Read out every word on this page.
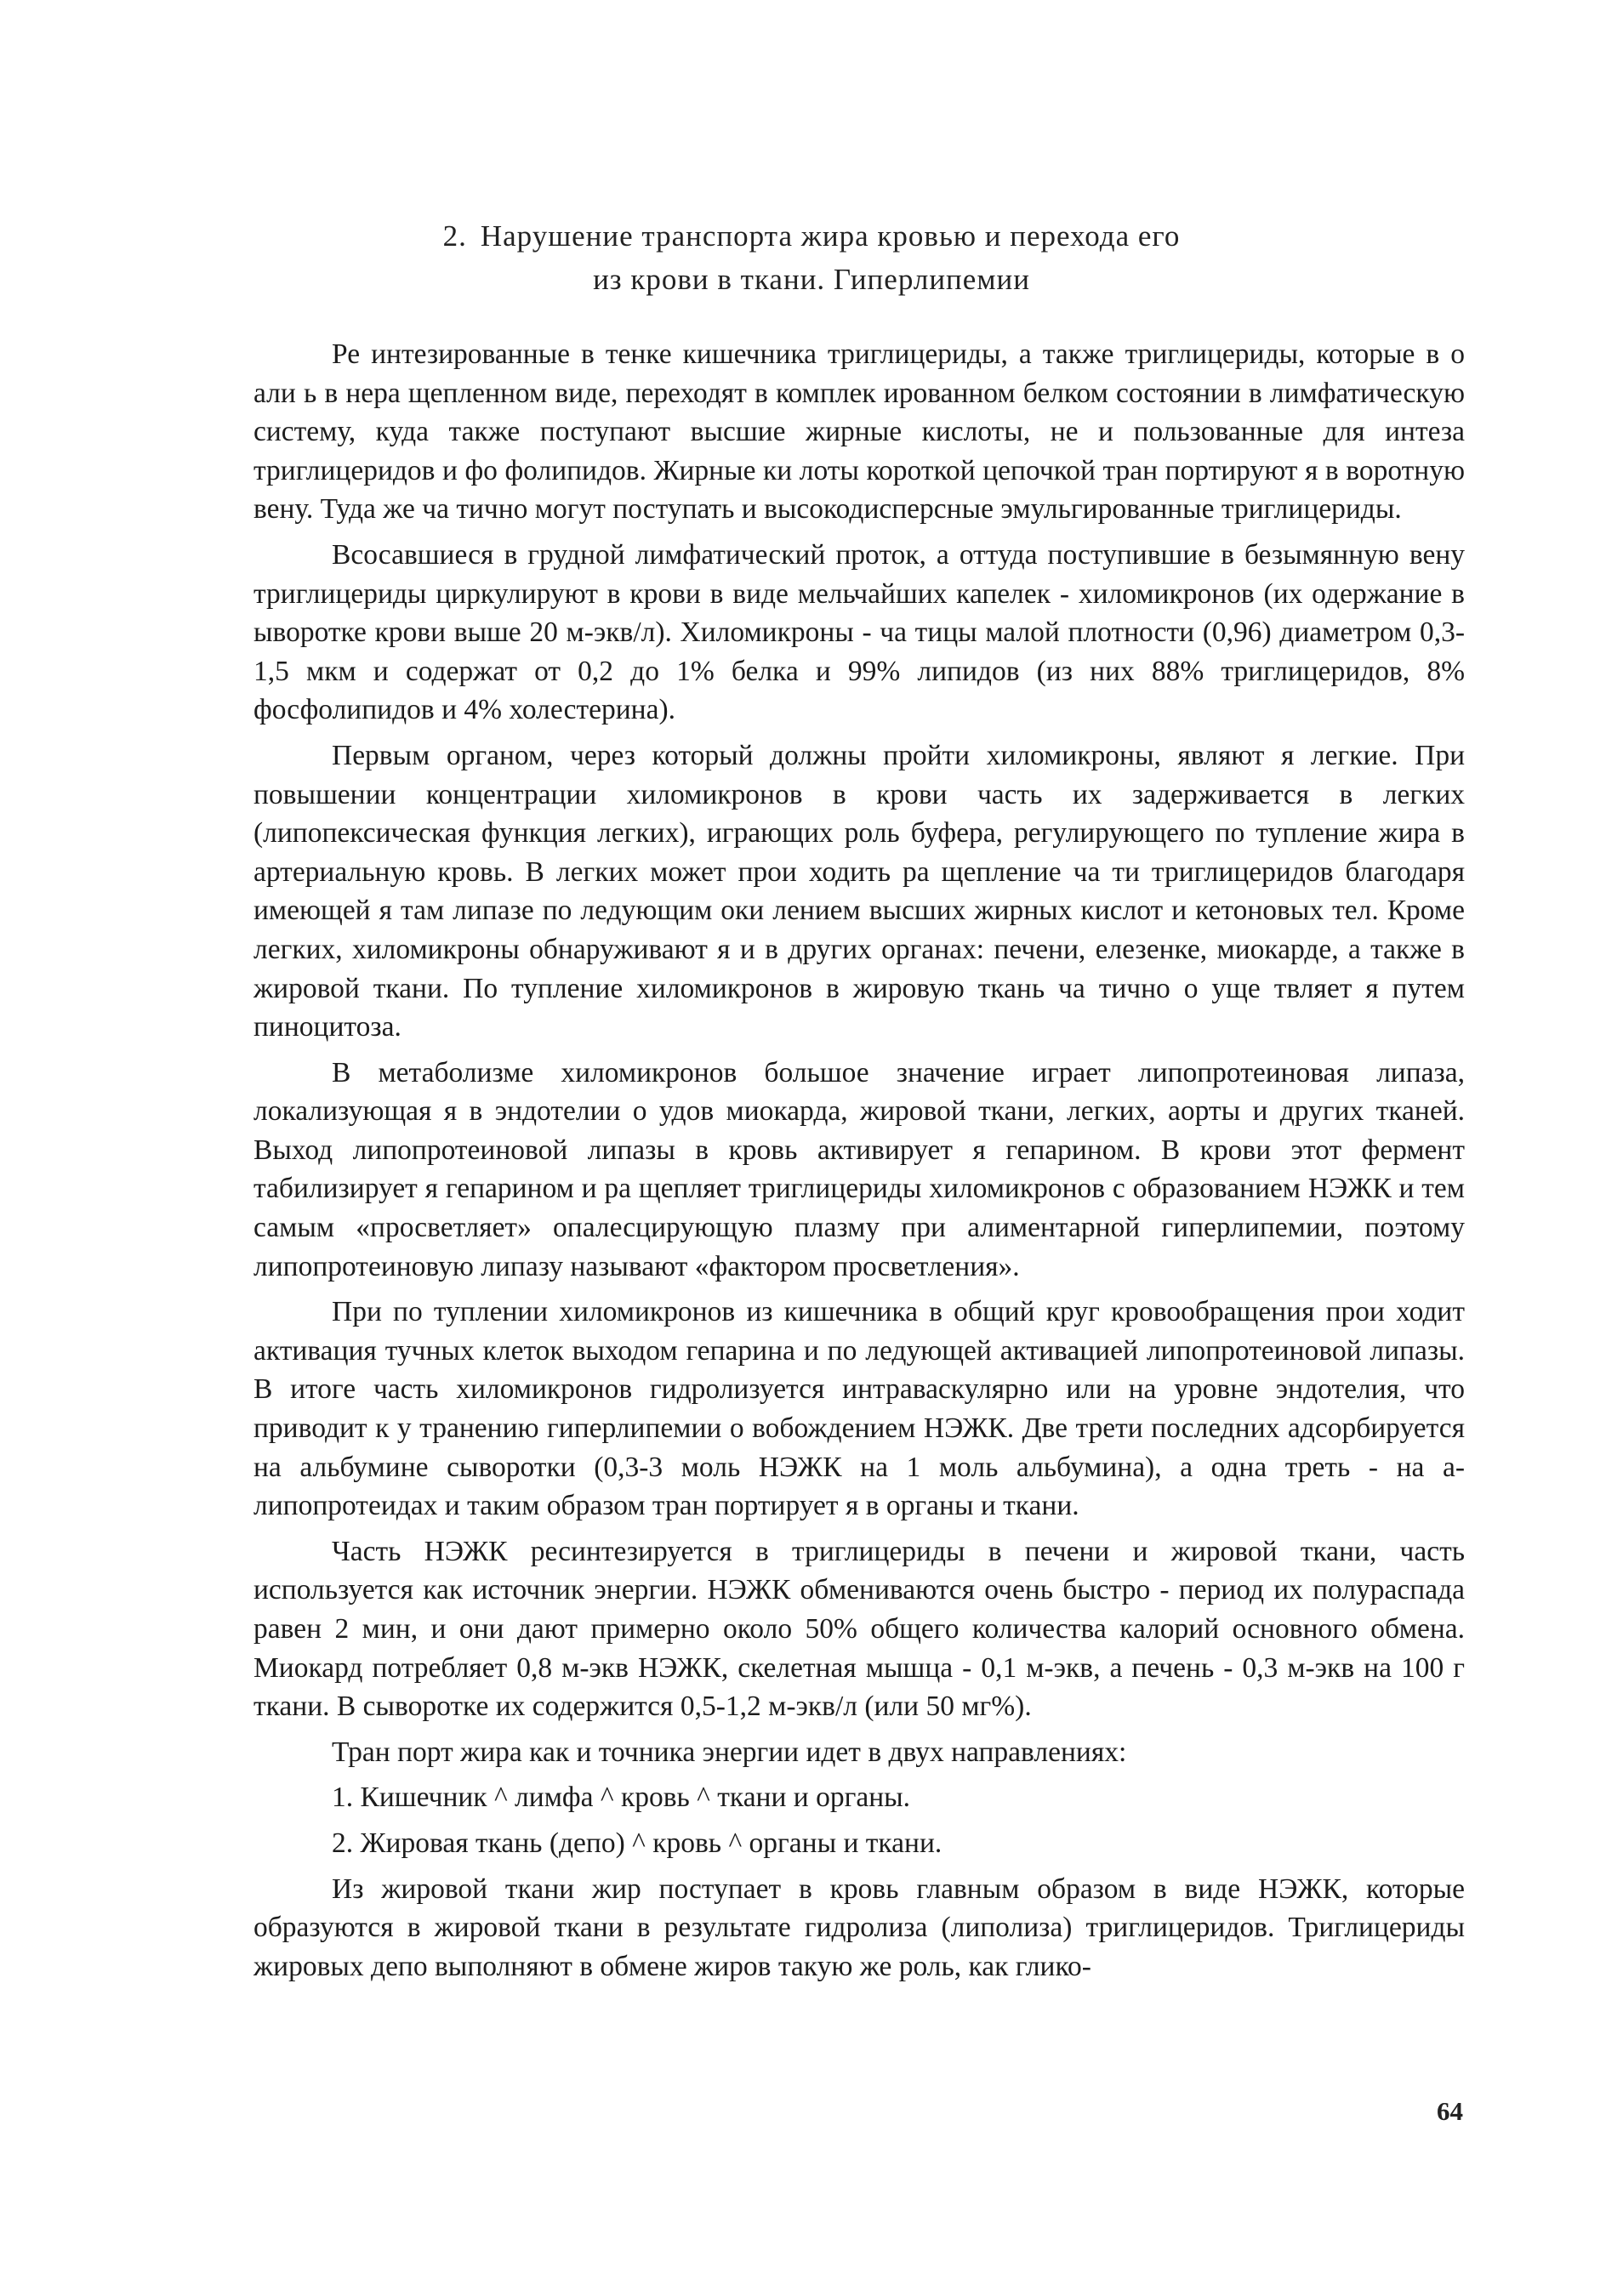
2. Нарушение транспорта жира кровью и перехода его
из крови в ткани. Гиперлипемии

Ре интезированные в тенке кишечника триглицериды, а также триглицериды, которые в о али ь в нера щепленном виде, переходят в комплек ированном белком состоянии в лимфатическую систему, куда также поступают высшие жирные кислоты, не и пользованные для интеза триглицеридов и фо фолипидов. Жирные ки лоты короткой цепочкой тран портируют я в воротную вену. Туда же ча тично могут поступать и высокодисперсные эмульгированные триглицериды.

Всосавшиеся в грудной лимфатический проток, а оттуда поступившие в безымянную вену триглицериды циркулируют в крови в виде мельчайших капелек - хиломикронов (их одержание в ыворотке крови выше 20 м-экв/л). Хиломикроны - ча тицы малой плотности (0,96) диаметром 0,3-1,5 мкм и содержат от 0,2 до 1% белка и 99% липидов (из них 88% триглицеридов, 8% фосфолипидов и 4% холестерина).

Первым органом, через который должны пройти хиломикроны, являют я легкие. При повышении концентрации хиломикронов в крови часть их задерживается в легких (липопексическая функция легких), играющих роль буфера, регулирующего по тупление жира в артериальную кровь. В легких может прои ходить ра щепление ча ти триглицеридов благодаря имеющей я там липазе по ледующим оки лением высших жирных кислот и кетоновых тел. Кроме легких, хиломикроны обнаруживают я и в других органах: печени, елезенке, миокарде, а также в жировой ткани. По тупление хиломикронов в жировую ткань ча тично о уще твляет я путем пиноцитоза.

В метаболизме хиломикронов большое значение играет липопротеиновая липаза, локализующая я в эндотелии о удов миокарда, жировой ткани, легких, аорты и других тканей. Выход липопротеиновой липазы в кровь активирует я гепарином. В крови этот фермент табилизирует я гепарином и ра щепляет триглицериды хиломикронов с образованием НЭЖК и тем самым «просветляет» опалесцирующую плазму при алиментарной гиперлипемии, поэтому липопротеиновую липазу называют «фактором просветления».

При по туплении хиломикронов из кишечника в общий круг кровообращения прои ходит активация тучных клеток выходом гепарина и по ледующей активацией липопротеиновой липазы. В итоге часть хиломикронов гидролизуется интраваскулярно или на уровне эндотелия, что приводит к у транению гиперлипемии о вобождением НЭЖК. Две трети последних адсорбируется на альбумине сыворотки (0,3-3 моль НЭЖК на 1 моль альбумина), а одна треть - на а-липопротеидах и таким образом тран портирует я в органы и ткани.

Часть НЭЖК ресинтезируется в триглицериды в печени и жировой ткани, часть используется как источник энергии. НЭЖК обмениваются очень быстро - период их полураспада равен 2 мин, и они дают примерно около 50% общего количества калорий основного обмена. Миокард потребляет 0,8 м-экв НЭЖК, скелетная мышца - 0,1 м-экв, а печень - 0,3 м-экв на 100 г ткани. В сыворотке их содержится 0,5-1,2 м-экв/л (или 50 мг%).

Тран порт жира как и точника энергии идет в двух направлениях:

1. Кишечник ^ лимфа ^ кровь ^ ткани и органы.

2. Жировая ткань (депо) ^ кровь ^ органы и ткани.

Из жировой ткани жир поступает в кровь главным образом в виде НЭЖК, которые образуются в жировой ткани в результате гидролиза (липолиза) триглицеридов. Триглицериды жировых депо выполняют в обмене жиров такую же роль, как глико-

64
